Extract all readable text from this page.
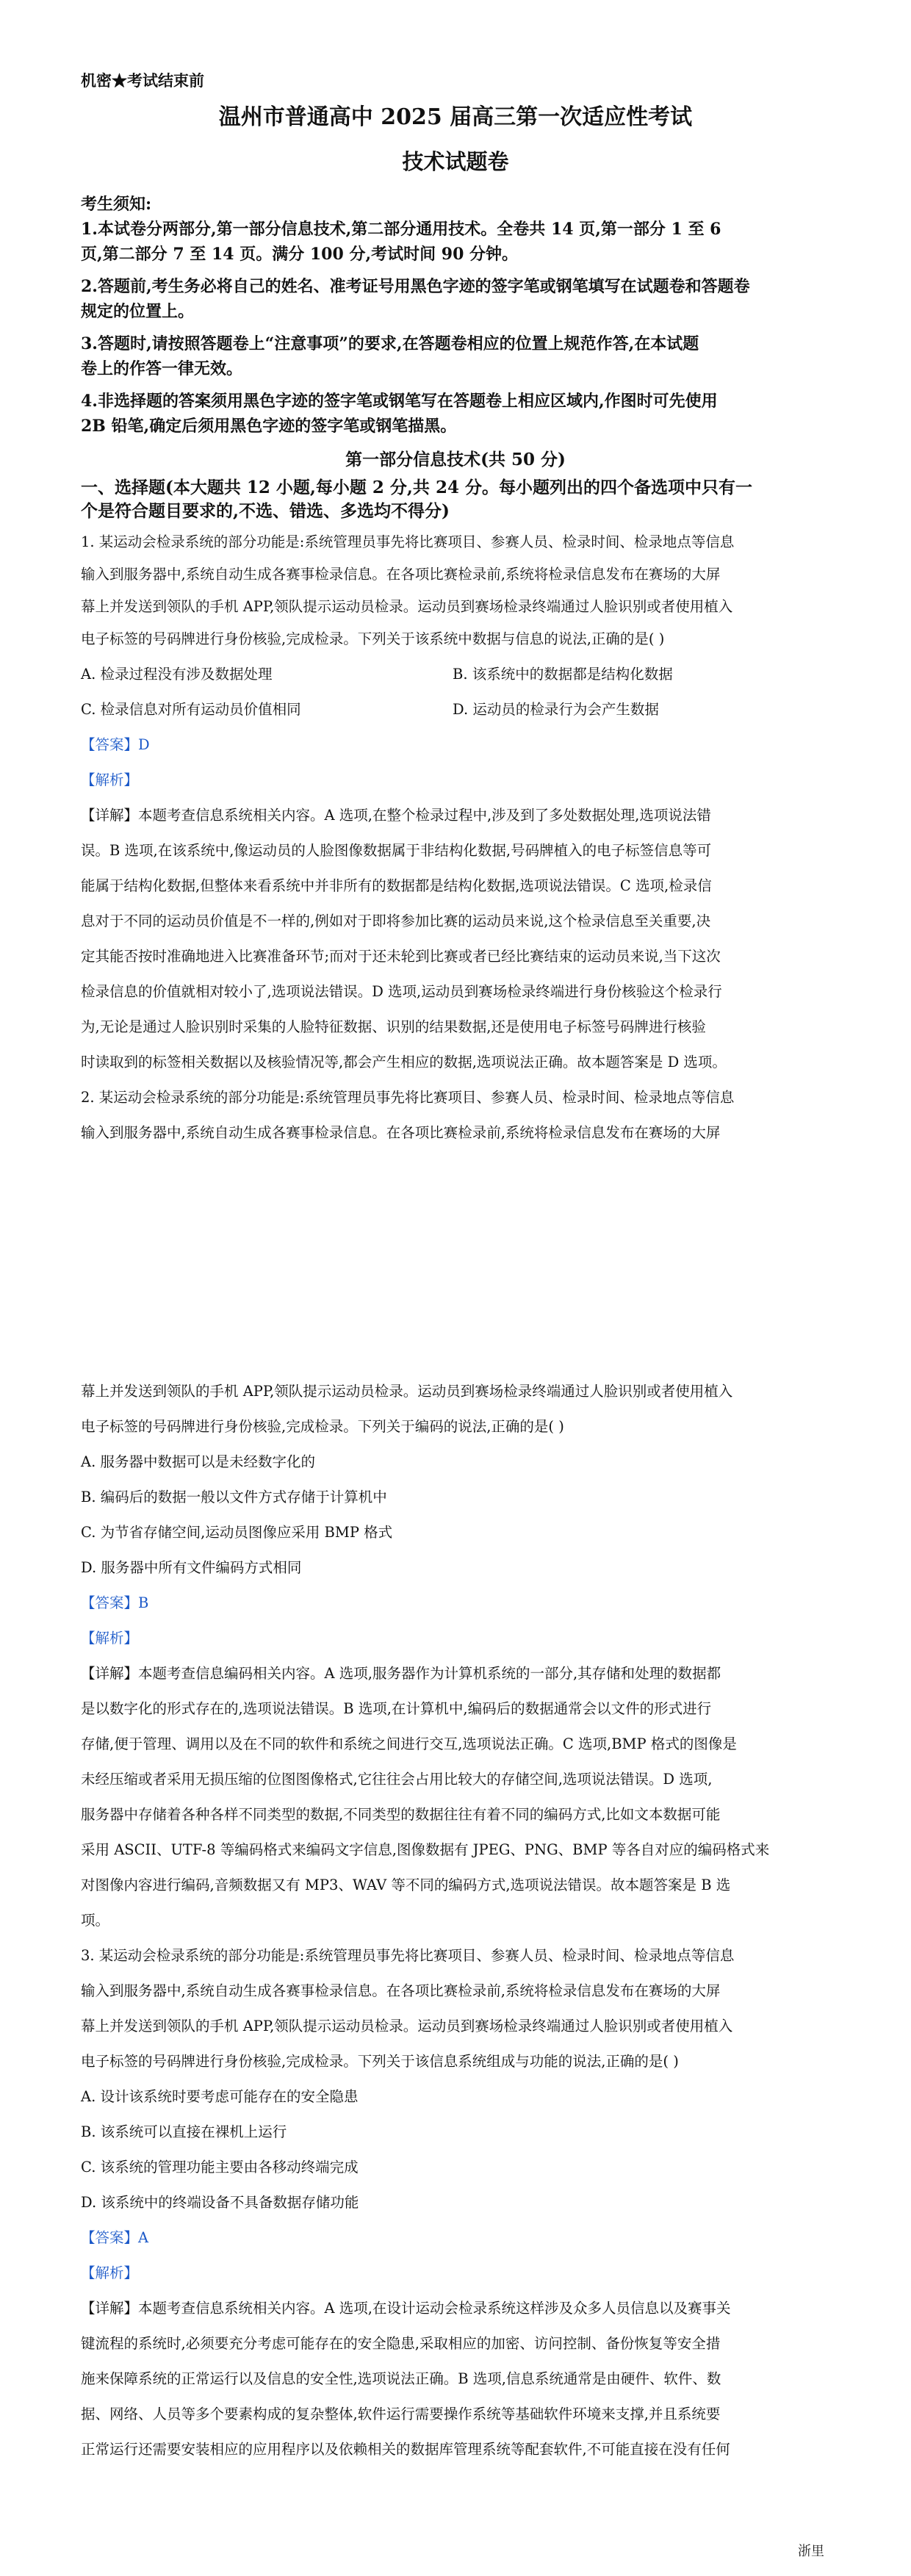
机密★考试结束前
温州市普通高中 2025 届高三第一次适应性考试
技术试题卷
考生须知:
1.本试卷分两部分,第一部分信息技术,第二部分通用技术。全卷共 14 页,第一部分 1 至 6
页,第二部分 7 至 14 页。满分 100 分,考试时间 90 分钟。
2.答题前,考生务必将自己的姓名、准考证号用黑色字迹的签字笔或钢笔填写在试题卷和答题卷
规定的位置上。
3.答题时,请按照答题卷上“注意事项”的要求,在答题卷相应的位置上规范作答,在本试题
卷上的作答一律无效。
4.非选择题的答案须用黑色字迹的签字笔或钢笔写在答题卷上相应区域内,作图时可先使用
2B 铅笔,确定后须用黑色字迹的签字笔或钢笔描黑。
第一部分信息技术(共 50 分)
一、选择题(本大题共 12 小题,每小题 2 分,共 24 分。每小题列出的四个备选项中只有一
个是符合题目要求的,不选、错选、多选均不得分)
1. 某运动会检录系统的部分功能是:系统管理员事先将比赛项目、参赛人员、检录时间、检录地点等信息
输入到服务器中,系统自动生成各赛事检录信息。在各项比赛检录前,系统将检录信息发布在赛场的大屏
幕上并发送到领队的手机 APP,领队提示运动员检录。运动员到赛场检录终端通过人脸识别或者使用植入
电子标签的号码牌进行身份核验,完成检录。下列关于该系统中数据与信息的说法,正确的是( )
A. 检录过程没有涉及数据处理	B. 该系统中的数据都是结构化数据
C. 检录信息对所有运动员价值相同	D. 运动员的检录行为会产生数据
【答案】D
【解析】
【详解】本题考查信息系统相关内容。A 选项,在整个检录过程中,涉及到了多处数据处理,选项说法错
误。B 选项,在该系统中,像运动员的人脸图像数据属于非结构化数据,号码牌植入的电子标签信息等可
能属于结构化数据,但整体来看系统中并非所有的数据都是结构化数据,选项说法错误。C 选项,检录信
息对于不同的运动员价值是不一样的,例如对于即将参加比赛的运动员来说,这个检录信息至关重要,决
定其能否按时准确地进入比赛准备环节;而对于还未轮到比赛或者已经比赛结束的运动员来说,当下这次
检录信息的价值就相对较小了,选项说法错误。D 选项,运动员到赛场检录终端进行身份核验这个检录行
为,无论是通过人脸识别时采集的人脸特征数据、识别的结果数据,还是使用电子标签号码牌进行核验
时读取到的标签相关数据以及核验情况等,都会产生相应的数据,选项说法正确。故本题答案是 D 选项。
2. 某运动会检录系统的部分功能是:系统管理员事先将比赛项目、参赛人员、检录时间、检录地点等信息
输入到服务器中,系统自动生成各赛事检录信息。在各项比赛检录前,系统将检录信息发布在赛场的大屏
幕上并发送到领队的手机 APP,领队提示运动员检录。运动员到赛场检录终端通过人脸识别或者使用植入
电子标签的号码牌进行身份核验,完成检录。下列关于编码的说法,正确的是( )
A. 服务器中数据可以是未经数字化的
B. 编码后的数据一般以文件方式存储于计算机中
C. 为节省存储空间,运动员图像应采用 BMP 格式
D. 服务器中所有文件编码方式相同
【答案】B
【解析】
【详解】本题考查信息编码相关内容。A 选项,服务器作为计算机系统的一部分,其存储和处理的数据都
是以数字化的形式存在的,选项说法错误。B 选项,在计算机中,编码后的数据通常会以文件的形式进行
存储,便于管理、调用以及在不同的软件和系统之间进行交互,选项说法正确。C 选项,BMP 格式的图像是
未经压缩或者采用无损压缩的位图图像格式,它往往会占用比较大的存储空间,选项说法错误。D 选项,
服务器中存储着各种各样不同类型的数据,不同类型的数据往往有着不同的编码方式,比如文本数据可能
采用 ASCII、UTF-8 等编码格式来编码文字信息,图像数据有 JPEG、PNG、BMP 等各自对应的编码格式来
对图像内容进行编码,音频数据又有 MP3、WAV 等不同的编码方式,选项说法错误。故本题答案是 B 选
项。
3. 某运动会检录系统的部分功能是:系统管理员事先将比赛项目、参赛人员、检录时间、检录地点等信息
输入到服务器中,系统自动生成各赛事检录信息。在各项比赛检录前,系统将检录信息发布在赛场的大屏
幕上并发送到领队的手机 APP,领队提示运动员检录。运动员到赛场检录终端通过人脸识别或者使用植入
电子标签的号码牌进行身份核验,完成检录。下列关于该信息系统组成与功能的说法,正确的是( )
A. 设计该系统时要考虑可能存在的安全隐患
B. 该系统可以直接在裸机上运行
C. 该系统的管理功能主要由各移动终端完成
D. 该系统中的终端设备不具备数据存储功能
【答案】A
【解析】
【详解】本题考查信息系统相关内容。A 选项,在设计运动会检录系统这样涉及众多人员信息以及赛事关
键流程的系统时,必须要充分考虑可能存在的安全隐患,采取相应的加密、访问控制、备份恢复等安全措
施来保障系统的正常运行以及信息的安全性,选项说法正确。B 选项,信息系统通常是由硬件、软件、数
据、网络、人员等多个要素构成的复杂整体,软件运行需要操作系统等基础软件环境来支撑,并且系统要
正常运行还需要安装相应的应用程序以及依赖相关的数据库管理系统等配套软件,不可能直接在没有任何
浙里
